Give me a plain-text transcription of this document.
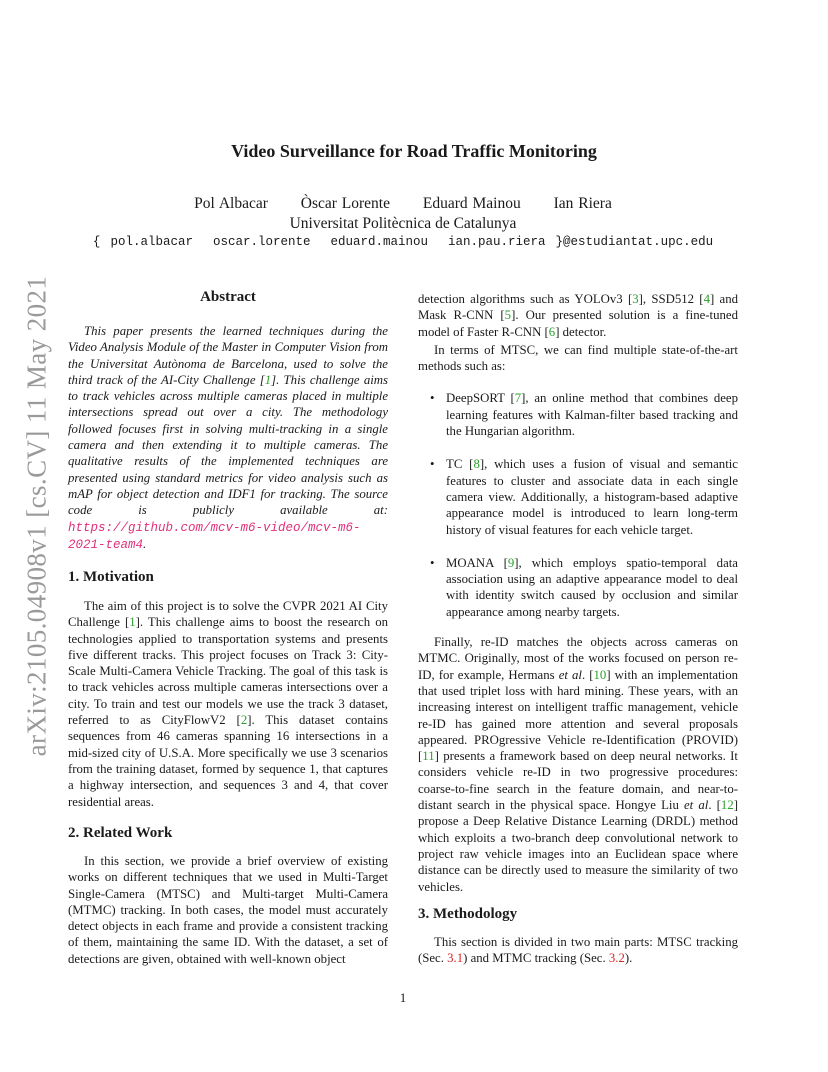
arXiv:2105.04908v1 [cs.CV] 11 May 2021
Video Surveillance for Road Traffic Monitoring
Pol Albacar Òscar Lorente Eduard Mainou Ian Riera
Universitat Politècnica de Catalunya
{ pol.albacar oscar.lorente eduard.mainou ian.pau.riera }@estudiantat.upc.edu
Abstract

This paper presents the learned techniques during the Video Analysis Module of the Master in Computer Vision from the Universitat Autònoma de Barcelona, used to solve the third track of the AI-City Challenge [1]. This challenge aims to track vehicles across multiple cameras placed in multiple intersections spread out over a city. The methodology followed focuses first in solving multi-tracking in a single camera and then extending it to multiple cameras. The qualitative results of the implemented techniques are presented using standard metrics for video analysis such as mAP for object detection and IDF1 for tracking. The source code is publicly available at: https://github.com/mcv-m6-video/mcv-m6-2021-team4.

1. Motivation

The aim of this project is to solve the CVPR 2021 AI City Challenge [1]. This challenge aims to boost the research on technologies applied to transportation systems and presents five different tracks. This project focuses on Track 3: City-Scale Multi-Camera Vehicle Tracking. The goal of this task is to track vehicles across multiple cameras intersections over a city. To train and test our models we use the track 3 dataset, referred to as CityFlowV2 [2]. This dataset contains sequences from 46 cameras spanning 16 intersections in a mid-sized city of U.S.A. More specifically we use 3 scenarios from the training dataset, formed by sequence 1, that captures a highway intersection, and sequences 3 and 4, that cover residential areas.

2. Related Work

In this section, we provide a brief overview of existing works on different techniques that we used in Multi-Target Single-Camera (MTSC) and Multi-target Multi-Camera (MTMC) tracking. In both cases, the model must accurately detect objects in each frame and provide a consistent tracking of them, maintaining the same ID. With the dataset, a set of detections are given, obtained with well-known object

detection algorithms such as YOLOv3 [3], SSD512 [4] and Mask R-CNN [5]. Our presented solution is a fine-tuned model of Faster R-CNN [6] detector.

In terms of MTSC, we can find multiple state-of-the-art methods such as:

• DeepSORT [7], an online method that combines deep learning features with Kalman-filter based tracking and the Hungarian algorithm.
• TC [8], which uses a fusion of visual and semantic features to cluster and associate data in each single camera view. Additionally, a histogram-based adaptive appearance model is introduced to learn long-term history of visual features for each vehicle target.
• MOANA [9], which employs spatio-temporal data association using an adaptive appearance model to deal with identity switch caused by occlusion and similar appearance among nearby targets.

Finally, re-ID matches the objects across cameras on MTMC. Originally, most of the works focused on person re-ID, for example, Hermans et al. [10] with an implementation that used triplet loss with hard mining. These years, with an increasing interest on intelligent traffic management, vehicle re-ID has gained more attention and several proposals appeared. PROgressive Vehicle re-Identification (PROVID) [11] presents a framework based on deep neural networks. It considers vehicle re-ID in two progressive procedures: coarse-to-fine search in the feature domain, and near-to-distant search in the physical space. Hongye Liu et al. [12] propose a Deep Relative Distance Learning (DRDL) method which exploits a two-branch deep convolutional network to project raw vehicle images into an Euclidean space where distance can be directly used to measure the similarity of two vehicles.

3. Methodology

This section is divided in two main parts: MTSC tracking (Sec. 3.1) and MTMC tracking (Sec. 3.2).

1
